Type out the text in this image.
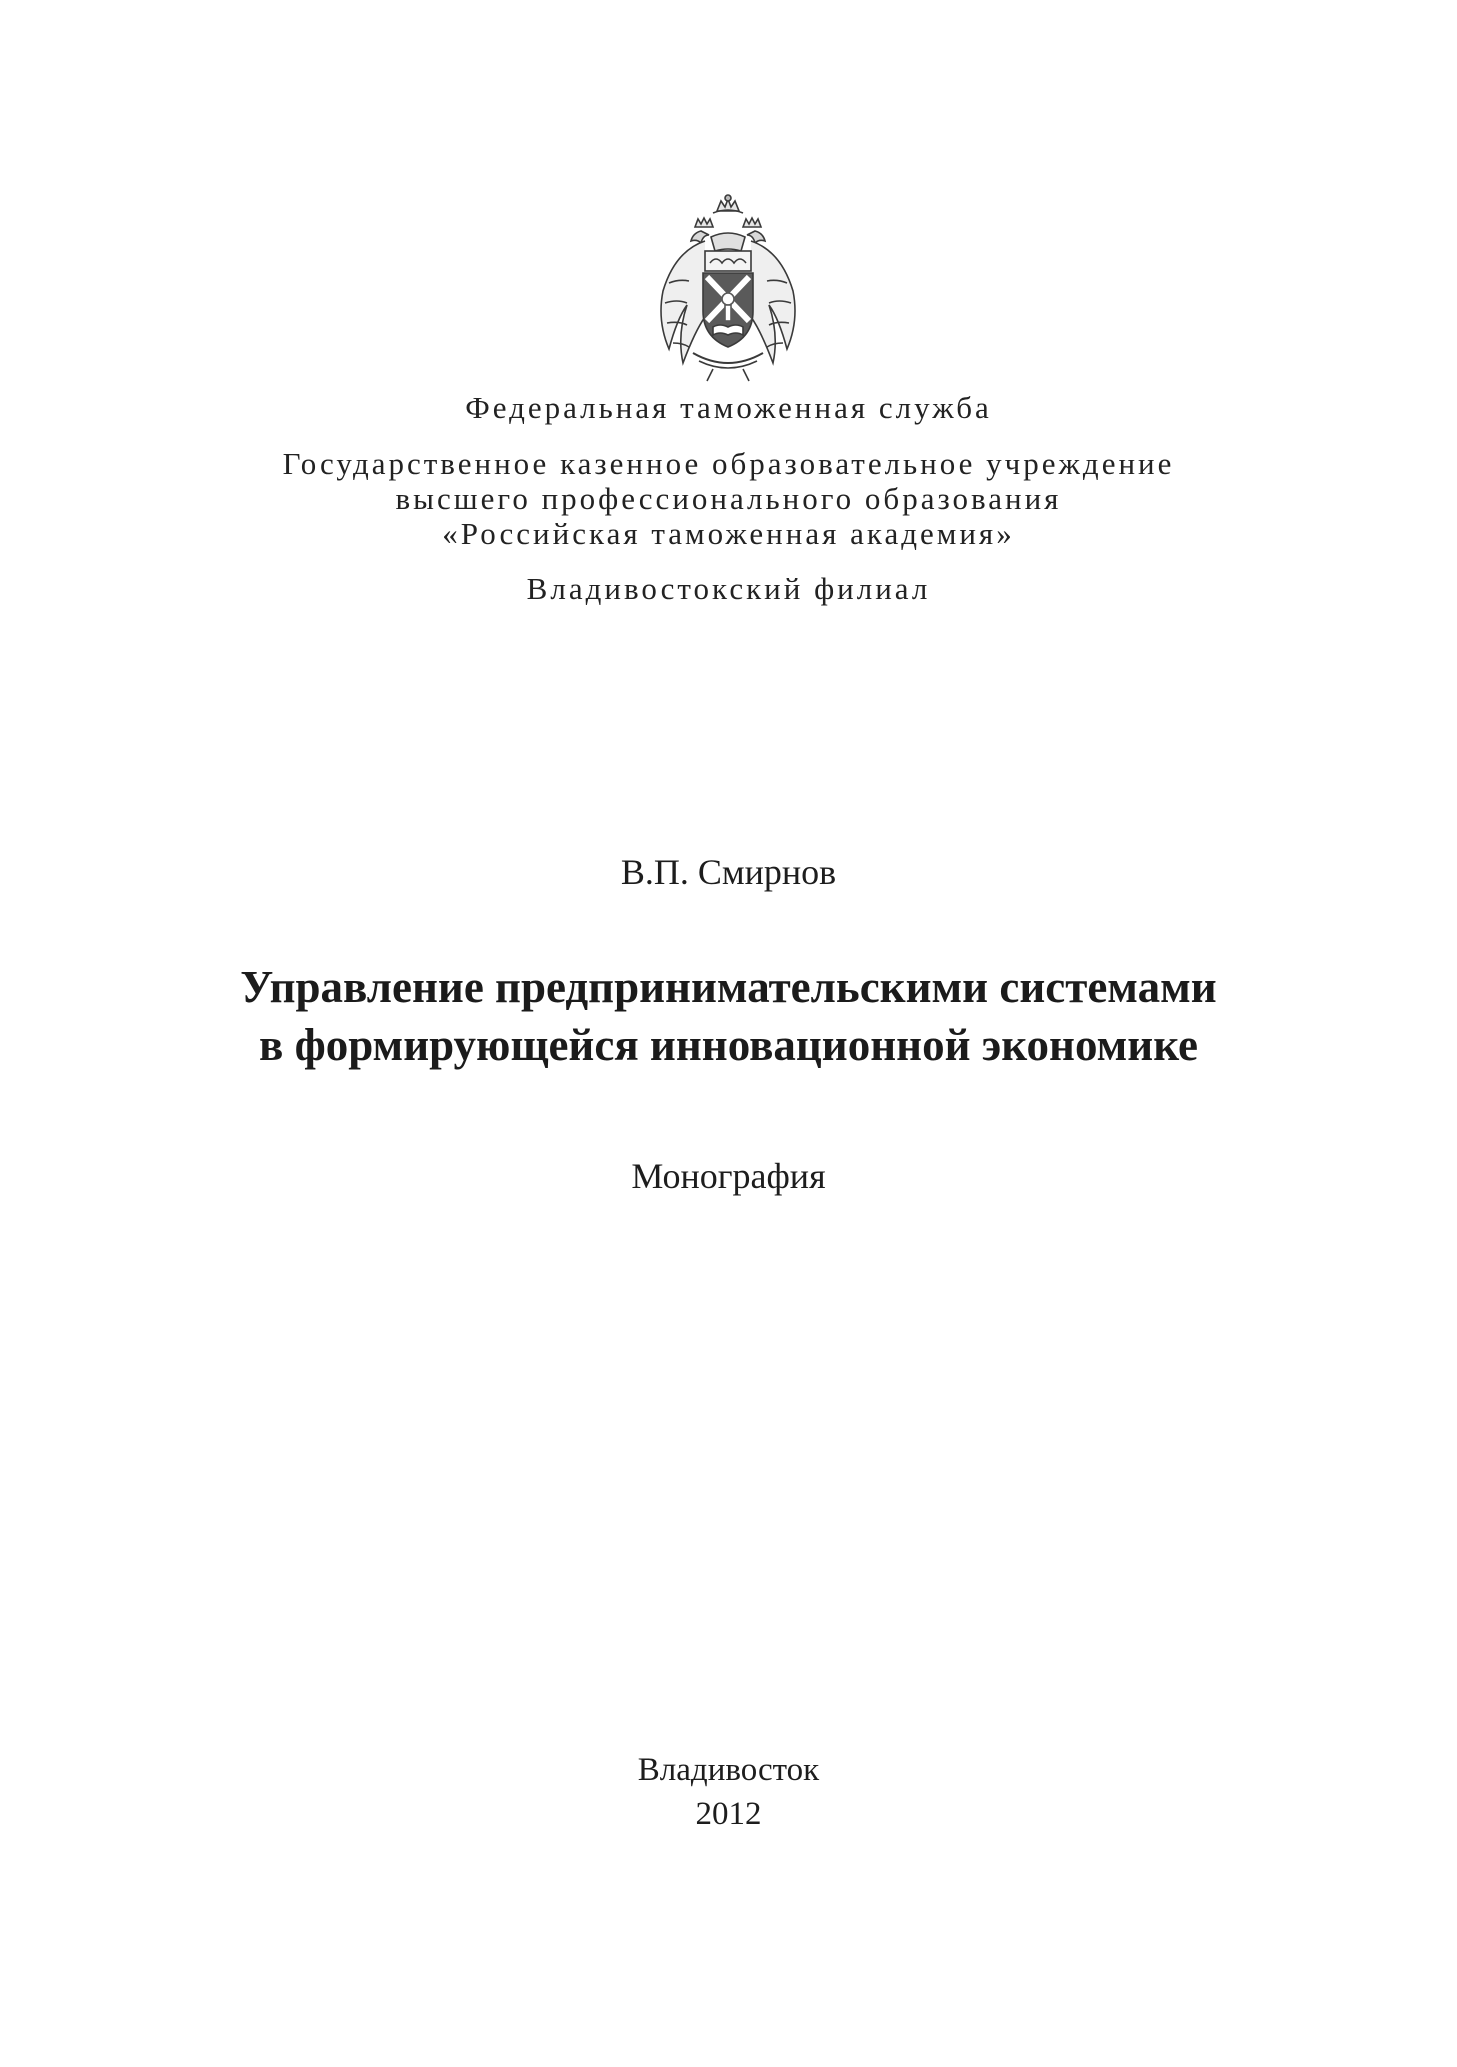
Федеральная таможенная служба
Государственное казенное образовательное учреждение
высшего профессионального образования
«Российская таможенная академия»
Владивостокский филиал
В.П. Смирнов
Управление предпринимательскими системами
в формирующейся инновационной экономике
Монография
Владивосток
2012
